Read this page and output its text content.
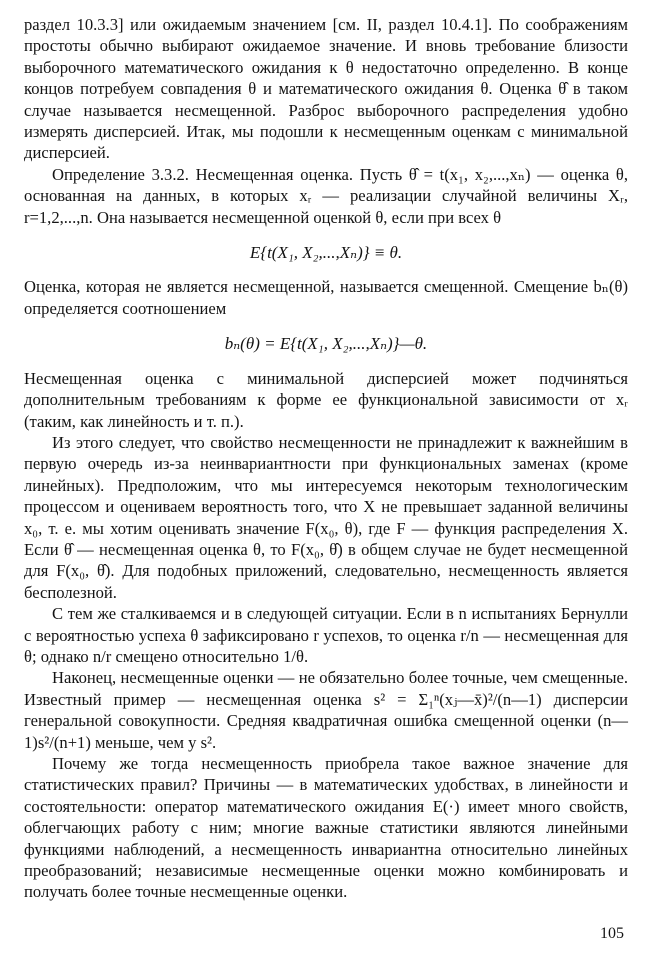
раздел 10.3.3] или ожидаемым значением [см. II, раздел 10.4.1]. По соображениям простоты обычно выбирают ожидаемое значение. И вновь требование близости выборочного математического ожидания к θ недостаточно определенно. В конце концов потребуем совпадения θ и математического ожидания θ. Оценка θ̂ в таком случае называется несмещенной. Разброс выборочного распределения удобно измерять дисперсией. Итак, мы подошли к несмещенным оценкам с минимальной дисперсией.

Определение 3.3.2. Несмещенная оценка. Пусть θ̂ = t(x₁, x₂,...,xₙ) — оценка θ, основанная на данных, в которых xᵣ — реализации случайной величины Xᵣ, r=1,2,...,n. Она называется несмещенной оценкой θ, если при всех θ

E{t(X₁, X₂,...,Xₙ)} ≡ θ.

Оценка, которая не является несмещенной, называется смещенной. Смещение bₙ(θ) определяется соотношением

bₙ(θ) = E{t(X₁, X₂,...,Xₙ)}—θ.

Несмещенная оценка с минимальной дисперсией может подчиняться дополнительным требованиям к форме ее функциональной зависимости от xᵣ (таким, как линейность и т. п.).

Из этого следует, что свойство несмещенности не принадлежит к важнейшим в первую очередь из-за неинвариантности при функциональных заменах (кроме линейных). Предположим, что мы интересуемся некоторым технологическим процессом и оцениваем вероятность того, что X не превышает заданной величины x₀, т. е. мы хотим оценивать значение F(x₀, θ), где F — функция распределения X. Если θ̂ — несмещенная оценка θ, то F(x₀, θ̂) в общем случае не будет несмещенной для F(x₀, θ̂). Для подобных приложений, следовательно, несмещенность является бесполезной.

С тем же сталкиваемся и в следующей ситуации. Если в n испытаниях Бернулли с вероятностью успеха θ зафиксировано r успехов, то оценка r/n — несмещенная для θ; однако n/r смещено относительно 1/θ.

Наконец, несмещенные оценки — не обязательно более точные, чем смещенные. Известный пример — несмещенная оценка s² = Σ₁ⁿ(xⱼ—x̄)²/(n—1) дисперсии генеральной совокупности. Средняя квадратичная ошибка смещенной оценки (n—1)s²/(n+1) меньше, чем у s².

Почему же тогда несмещенность приобрела такое важное значение для статистических правил? Причины — в математических удобствах, в линейности и состоятельности: оператор математического ожидания E(·) имеет много свойств, облегчающих работу с ним; многие важные статистики являются линейными функциями наблюдений, а несмещенность инвариантна относительно линейных преобразований; независимые несмещенные оценки можно комбинировать и получать более точные несмещенные оценки.

105
